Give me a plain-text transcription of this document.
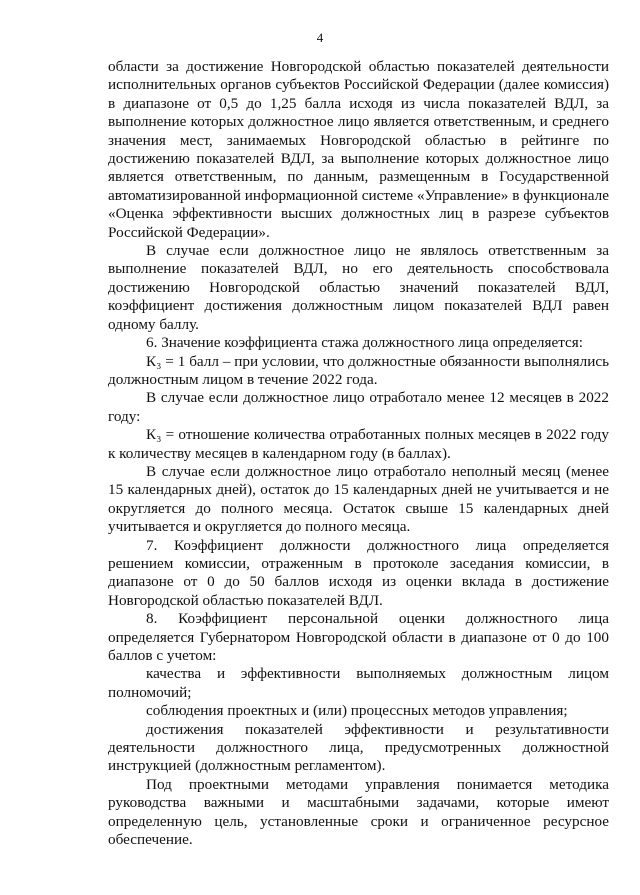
4

области за достижение Новгородской областью показателей деятельности исполнительных органов субъектов Российской Федерации (далее комиссия) в диапазоне от 0,5 до 1,25 балла исходя из числа показателей ВДЛ, за выполнение которых должностное лицо является ответственным, и среднего значения мест, занимаемых Новгородской областью в рейтинге по достижению показателей ВДЛ, за выполнение которых должностное лицо является ответственным, по данным, размещенным в Государственной автоматизированной информационной системе «Управление» в функционале «Оценка эффективности высших должностных лиц в разрезе субъектов Российской Федерации».

В случае если должностное лицо не являлось ответственным за выполнение показателей ВДЛ, но его деятельность способствовала достижению Новгородской областью значений показателей ВДЛ, коэффициент достижения должностным лицом показателей ВДЛ равен одному баллу.

6. Значение коэффициента стажа должностного лица определяется:

К₃ = 1 балл – при условии, что должностные обязанности выполнялись должностным лицом в течение 2022 года.

В случае если должностное лицо отработало менее 12 месяцев в 2022 году:

К₃ = отношение количества отработанных полных месяцев в 2022 году к количеству месяцев в календарном году (в баллах).

В случае если должностное лицо отработало неполный месяц (менее 15 календарных дней), остаток до 15 календарных дней не учитывается и не округляется до полного месяца. Остаток свыше 15 календарных дней учитывается и округляется до полного месяца.

7. Коэффициент должности должностного лица определяется решением комиссии, отраженным в протоколе заседания комиссии, в диапазоне от 0 до 50 баллов исходя из оценки вклада в достижение Новгородской областью показателей ВДЛ.

8. Коэффициент персональной оценки должностного лица определяется Губернатором Новгородской области в диапазоне от 0 до 100 баллов с учетом:

качества и эффективности выполняемых должностным лицом полномочий;

соблюдения проектных и (или) процессных методов управления;

достижения показателей эффективности и результативности деятельности должностного лица, предусмотренных должностной инструкцией (должностным регламентом).

Под проектными методами управления понимается методика руководства важными и масштабными задачами, которые имеют определенную цель, установленные сроки и ограниченное ресурсное обеспечение.
